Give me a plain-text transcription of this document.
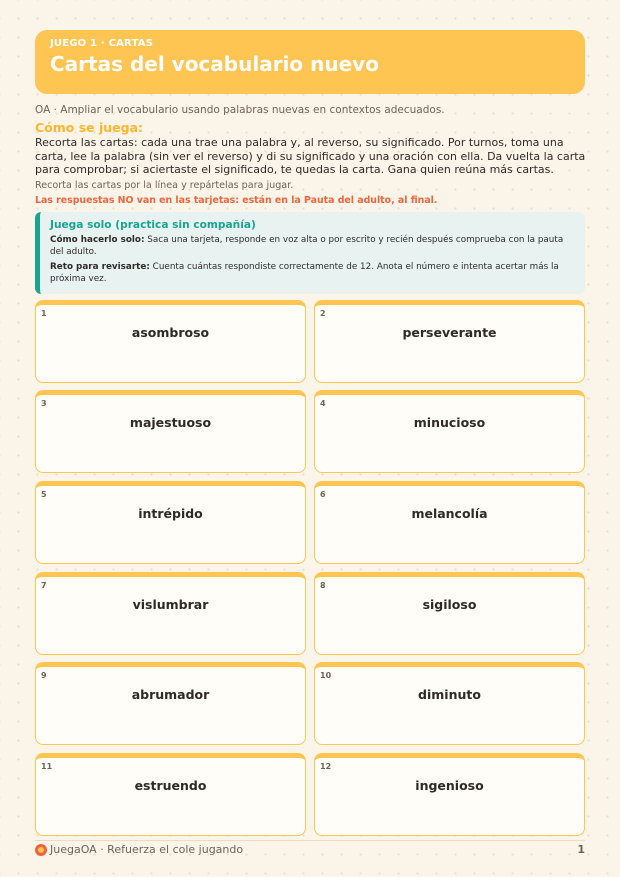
JUEGO 1 · CARTAS
Cartas del vocabulario nuevo
OA · Ampliar el vocabulario usando palabras nuevas en contextos adecuados.
Cómo se juega:
Recorta las cartas: cada una trae una palabra y, al reverso, su significado. Por turnos, toma una carta, lee la palabra (sin ver el reverso) y di su significado y una oración con ella. Da vuelta la carta para comprobar; si aciertaste el significado, te quedas la carta. Gana quien reúna más cartas.
Recorta las cartas por la línea y repártelas para jugar.
Las respuestas NO van en las tarjetas: están en la Pauta del adulto, al final.
Juega solo (practica sin compañía)

Cómo hacerlo solo: Saca una tarjeta, responde en voz alta o por escrito y recién después comprueba con la pauta del adulto.

Reto para revisarte: Cuenta cuántas respondiste correctamente de 12. Anota el número e intenta acertar más la próxima vez.

1
asombroso
2
perseverante
3
majestuoso
4
minucioso
5
intrépido
6
melancolía
7
vislumbrar
8
sigiloso
9
abrumador
10
diminuto
11
estruendo
12
ingenioso
JuegaOA · Refuerza el cole jugando	1
